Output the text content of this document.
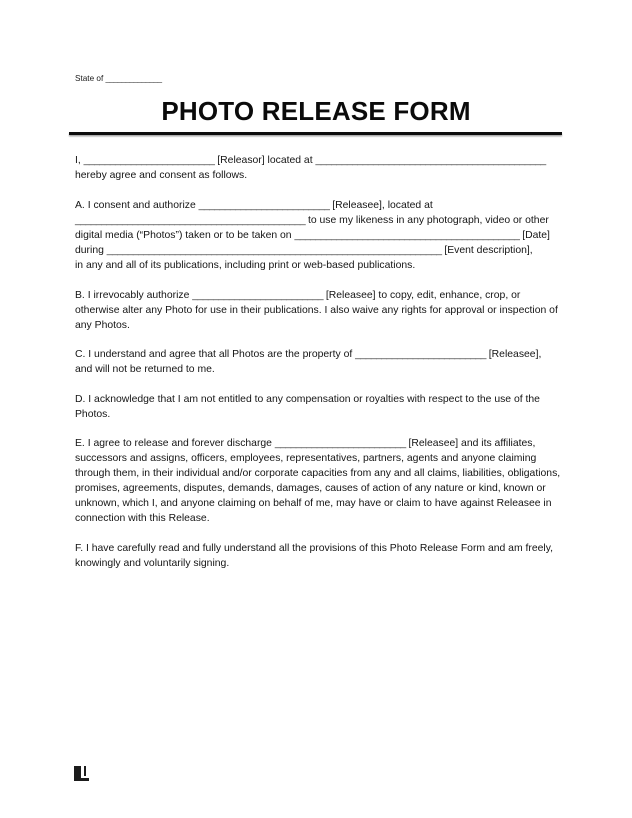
State of ______________
PHOTO RELEASE FORM

I, _________________________ [Releasor] located at ____________________________________________

hereby agree and consent as follows.

A. I consent and authorize _________________________ [Releasee], located at

____________________________________________ to use my likeness in any photograph, video or other

digital media (“Photos”) taken or to be taken on ___________________________________________ [Date]

during ________________________________________________________________ [Event description],

in any and all of its publications, including print or web-based publications.

B. I irrevocably authorize _________________________ [Releasee] to copy, edit, enhance, crop, or

otherwise alter any Photo for use in their publications. I also waive any rights for approval or inspection of

any Photos.

C. I understand and agree that all Photos are the property of _________________________ [Releasee],

and will not be returned to me.

D. I acknowledge that I am not entitled to any compensation or royalties with respect to the use of the

Photos.

E. I agree to release and forever discharge _________________________ [Releasee] and its affiliates,

successors and assigns, officers, employees, representatives, partners, agents and anyone claiming

through them, in their individual and/or corporate capacities from any and all claims, liabilities, obligations,

promises, agreements, disputes, demands, damages, causes of action of any nature or kind, known or

unknown, which I, and anyone claiming on behalf of me, may have or claim to have against Releasee in

connection with this Release.

F. I have carefully read and fully understand all the provisions of this Photo Release Form and am freely,

knowingly and voluntarily signing.
